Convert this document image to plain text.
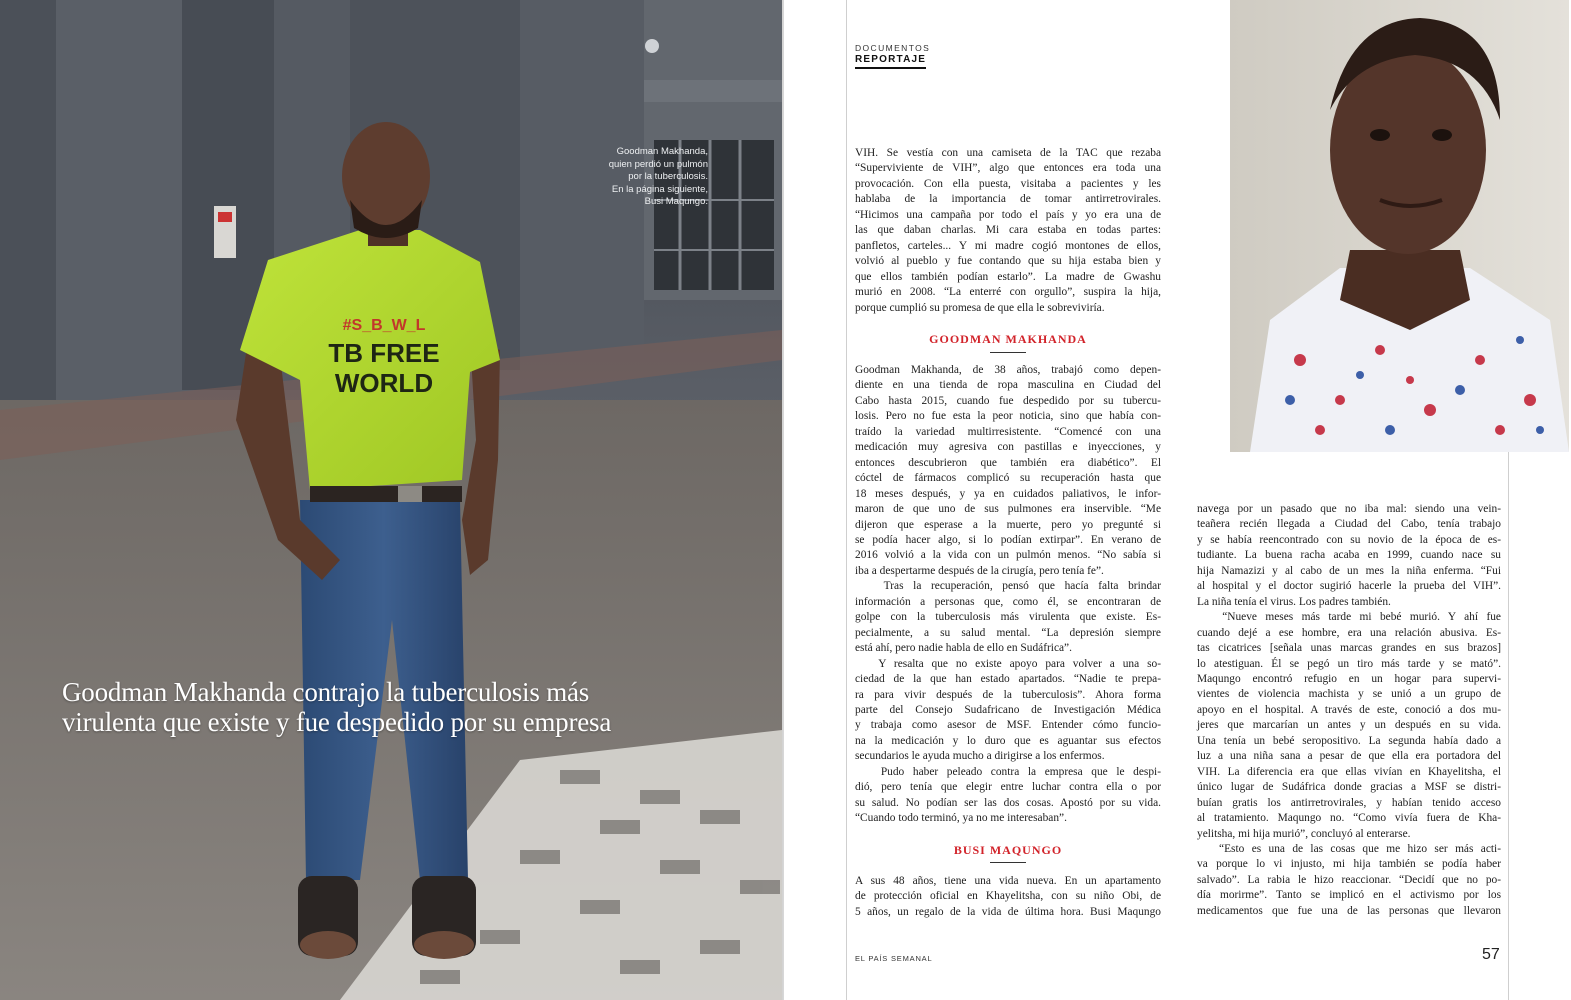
#S_B_W_L
TB FREE
WORLD
Goodman Makhanda,
quien perdió un pulmón
por la tuberculosis.
En la página siguiente,
Busi Maqungo.
Goodman Makhanda contrajo la tuberculosis más
virulenta que existe y fue despedido por su empresa
DOCUMENTOS
REPORTAJE
VIH. Se vestía con una camiseta de la TAC que rezaba
“Superviviente de VIH”, algo que entonces era toda una
provocación. Con ella puesta, visitaba a pacientes y les
hablaba de la importancia de tomar antirretrovirales.
“Hicimos una campaña por todo el país y yo era una de
las que daban charlas. Mi cara estaba en todas partes:
panfletos, carteles... Y mi madre cogió montones de ellos,
volvió al pueblo y fue contando que su hija estaba bien y
que ellos también podían estarlo”. La madre de Gwashu
murió en 2008. “La enterré con orgullo”, suspira la hija,
porque cumplió su promesa de que ella le sobreviviría.
GOODMAN MAKHANDA
Goodman Makhanda, de 38 años, trabajó como depen-
diente en una tienda de ropa masculina en Ciudad del
Cabo hasta 2015, cuando fue despedido por su tubercu-
losis. Pero no fue esta la peor noticia, sino que había con-
traído la variedad multirresistente. “Comencé con una
medicación muy agresiva con pastillas e inyecciones, y
entonces descubrieron que también era diabético”. El
cóctel de fármacos complicó su recuperación hasta que
18 meses después, y ya en cuidados paliativos, le infor-
maron de que uno de sus pulmones era inservible. “Me
dijeron que esperase a la muerte, pero yo pregunté si
se podía hacer algo, si lo podían extirpar”. En verano de
2016 volvió a la vida con un pulmón menos. “No sabía si
iba a despertarme después de la cirugía, pero tenía fe”.
Tras la recuperación, pensó que hacía falta brindar
información a personas que, como él, se encontraran de
golpe con la tuberculosis más virulenta que existe. Es-
pecialmente, a su salud mental. “La depresión siempre
está ahí, pero nadie habla de ello en Sudáfrica”.
Y resalta que no existe apoyo para volver a una so-
ciedad de la que han estado apartados. “Nadie te prepa-
ra para vivir después de la tuberculosis”. Ahora forma
parte del Consejo Sudafricano de Investigación Médica
y trabaja como asesor de MSF. Entender cómo funcio-
na la medicación y lo duro que es aguantar sus efectos
secundarios le ayuda mucho a dirigirse a los enfermos.
Pudo haber peleado contra la empresa que le despi-
dió, pero tenía que elegir entre luchar contra ella o por
su salud. No podían ser las dos cosas. Apostó por su vida.
“Cuando todo terminó, ya no me interesaban”.
BUSI MAQUNGO
A sus 48 años, tiene una vida nueva. En un apartamento
de protección oficial en Khayelitsha, con su niño Obi, de
5 años, un regalo de la vida de última hora. Busi Maqungo
navega por un pasado que no iba mal: siendo una vein-
teañera recién llegada a Ciudad del Cabo, tenía trabajo
y se había reencontrado con su novio de la época de es-
tudiante. La buena racha acaba en 1999, cuando nace su
hija Namazizi y al cabo de un mes la niña enferma. “Fui
al hospital y el doctor sugirió hacerle la prueba del VIH”.
La niña tenía el virus. Los padres también.
“Nueve meses más tarde mi bebé murió. Y ahí fue
cuando dejé a ese hombre, era una relación abusiva. Es-
tas cicatrices [señala unas marcas grandes en sus brazos]
lo atestiguan. Él se pegó un tiro más tarde y se mató”.
Maqungo encontró refugio en un hogar para supervi-
vientes de violencia machista y se unió a un grupo de
apoyo en el hospital. A través de este, conoció a dos mu-
jeres que marcarían un antes y un después en su vida.
Una tenía un bebé seropositivo. La segunda había dado a
luz a una niña sana a pesar de que ella era portadora del
VIH. La diferencia era que ellas vivían en Khayelitsha, el
único lugar de Sudáfrica donde gracias a MSF se distri-
buían gratis los antirretrovirales, y habían tenido acceso
al tratamiento. Maqungo no. “Como vivía fuera de Kha-
yelitsha, mi hija murió”, concluyó al enterarse.
“Esto es una de las cosas que me hizo ser más acti-
va porque lo vi injusto, mi hija también se podía haber
salvado”. La rabia le hizo reaccionar. “Decidí que no po-
día morirme”. Tanto se implicó en el activismo por los
medicamentos que fue una de las personas que llevaron
EL PAÍS SEMANAL	57
